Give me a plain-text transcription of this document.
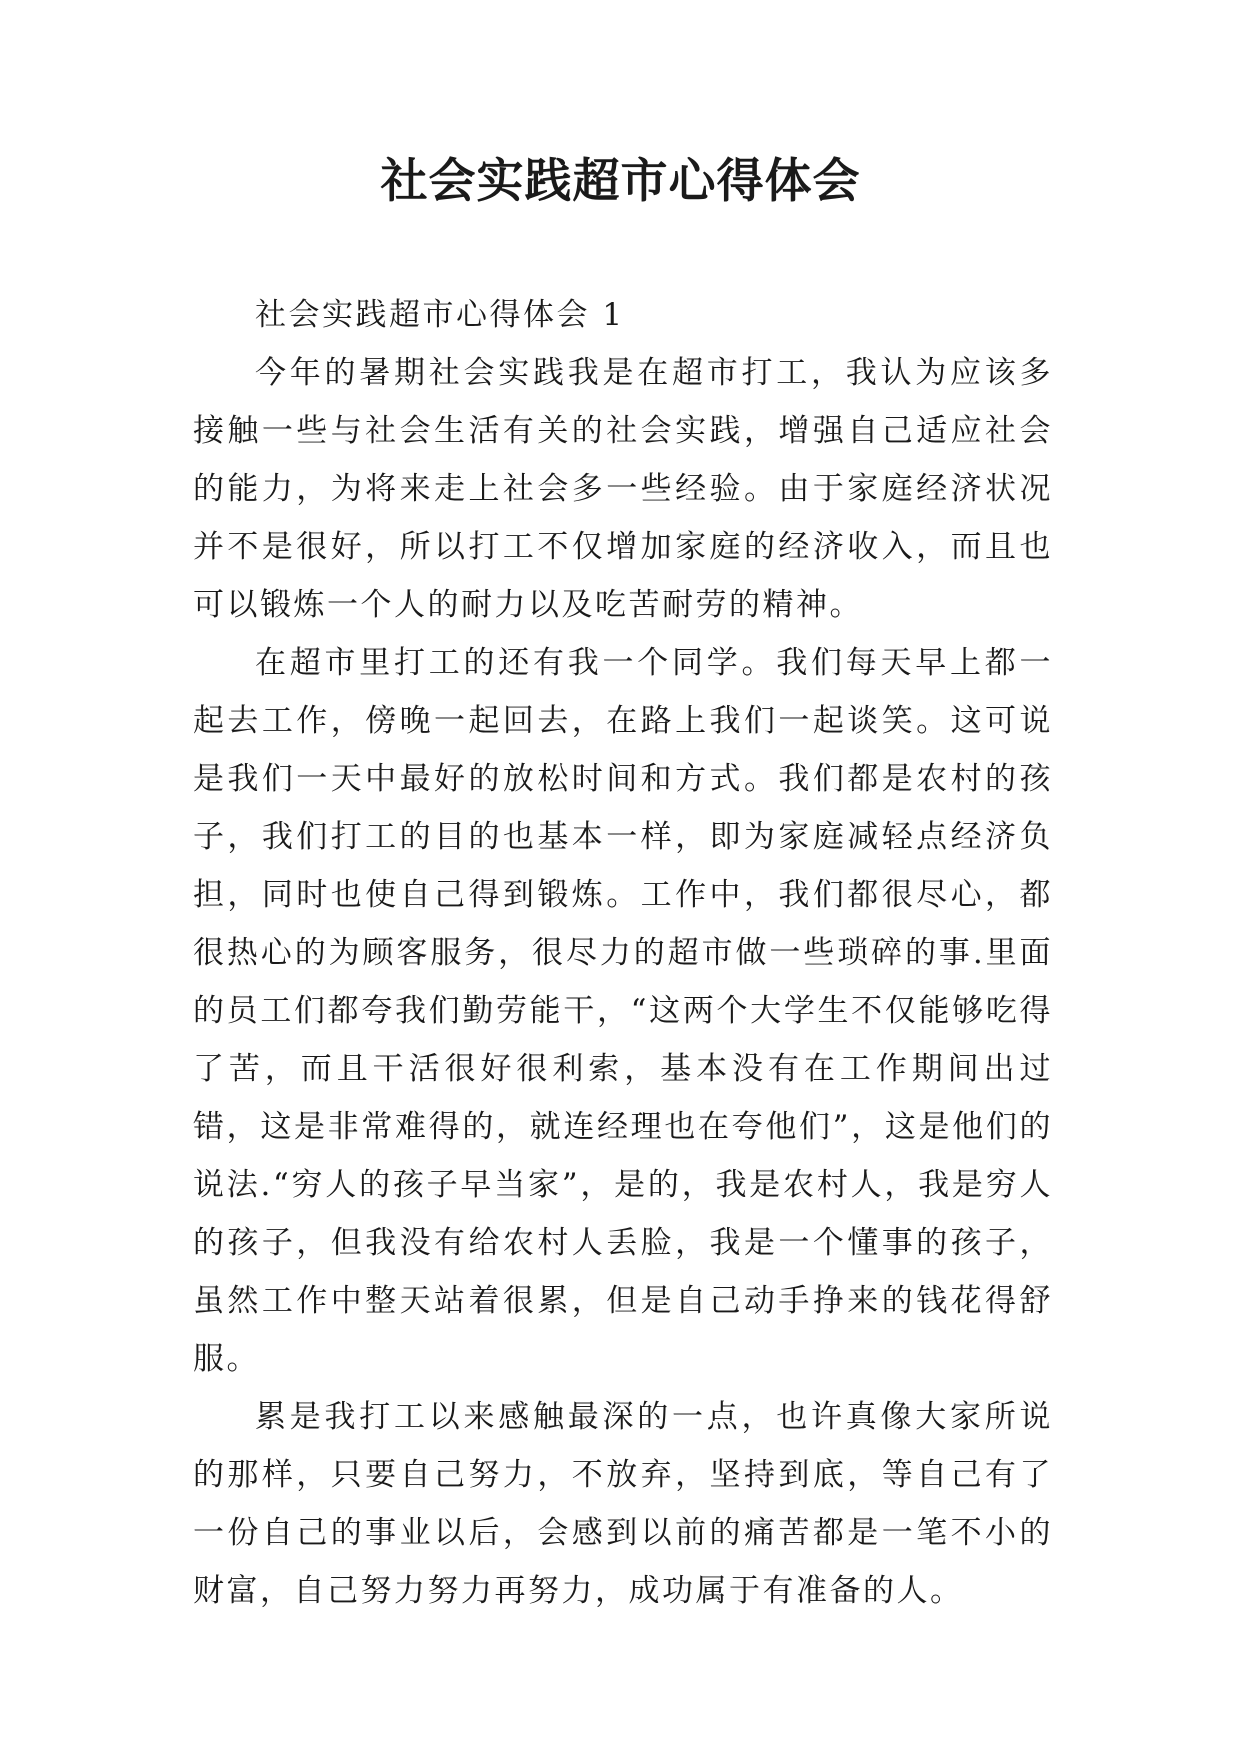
社会实践超市心得体会

社会实践超市心得体会 1

今年的暑期社会实践我是在超市打工，我认为应该多接触一些与社会生活有关的社会实践，增强自己适应社会的能力，为将来走上社会多一些经验。由于家庭经济状况并不是很好，所以打工不仅增加家庭的经济收入，而且也可以锻炼一个人的耐力以及吃苦耐劳的精神。

在超市里打工的还有我一个同学。我们每天早上都一起去工作，傍晚一起回去，在路上我们一起谈笑。这可说是我们一天中最好的放松时间和方式。我们都是农村的孩子，我们打工的目的也基本一样，即为家庭减轻点经济负担，同时也使自己得到锻炼。工作中，我们都很尽心，都很热心的为顾客服务，很尽力的超市做一些琐碎的事.里面的员工们都夸我们勤劳能干，“这两个大学生不仅能够吃得了苦，而且干活很好很利索，基本没有在工作期间出过错，这是非常难得的，就连经理也在夸他们”，这是他们的说法.“穷人的孩子早当家”，是的，我是农村人，我是穷人的孩子，但我没有给农村人丢脸，我是一个懂事的孩子，虽然工作中整天站着很累，但是自己动手挣来的钱花得舒服。

累是我打工以来感触最深的一点，也许真像大家所说的那样，只要自己努力，不放弃，坚持到底，等自己有了一份自己的事业以后，会感到以前的痛苦都是一笔不小的财富，自己努力努力再努力，成功属于有准备的人。
